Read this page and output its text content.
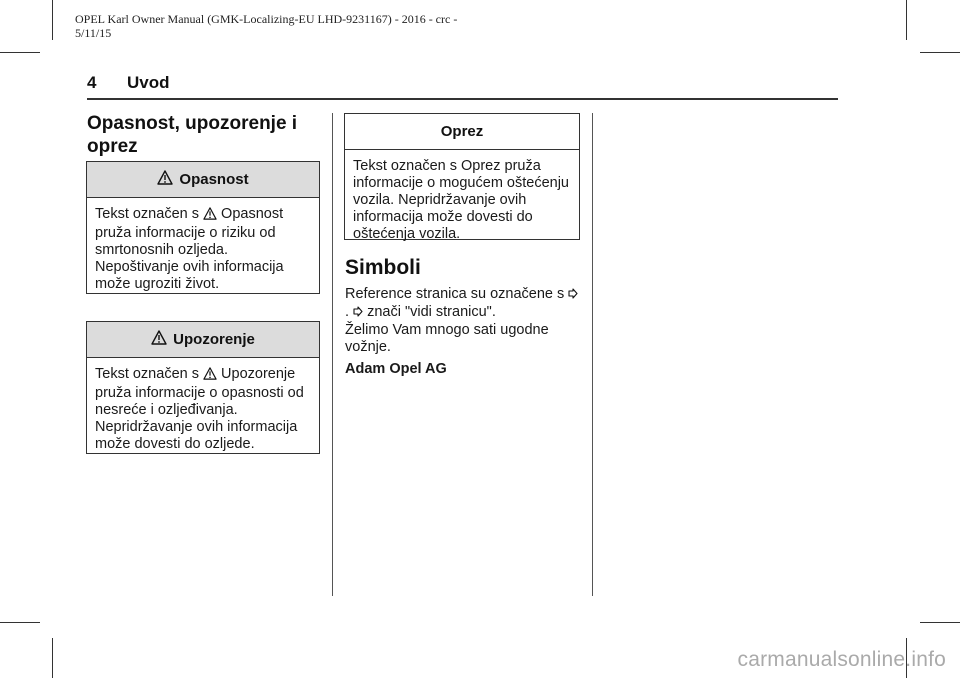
OPEL Karl Owner Manual (GMK-Localizing-EU LHD-9231167) - 2016 - crc -
5/11/15
4 Uvod
Opasnost, upozorenje i oprez
Opasnost
Tekst označen s Opasnost pruža informacije o riziku od smrtonosnih ozljeda. Nepoštivanje ovih informacija može ugroziti život.
Upozorenje
Tekst označen s Upozorenje pruža informacije o opasnosti od nesreće i ozljeđivanja. Nepridržavanje ovih informacija može dovesti do ozljede.
Oprez
Tekst označen s Oprez pruža informacije o mogućem oštećenju vozila. Nepridržavanje ovih informacija može dovesti do oštećenja vozila.
Simboli
Reference stranica su označene s . znači "vidi stranicu".
Želimo Vam mnogo sati ugodne vožnje.
Adam Opel AG
carmanualsonline.info
